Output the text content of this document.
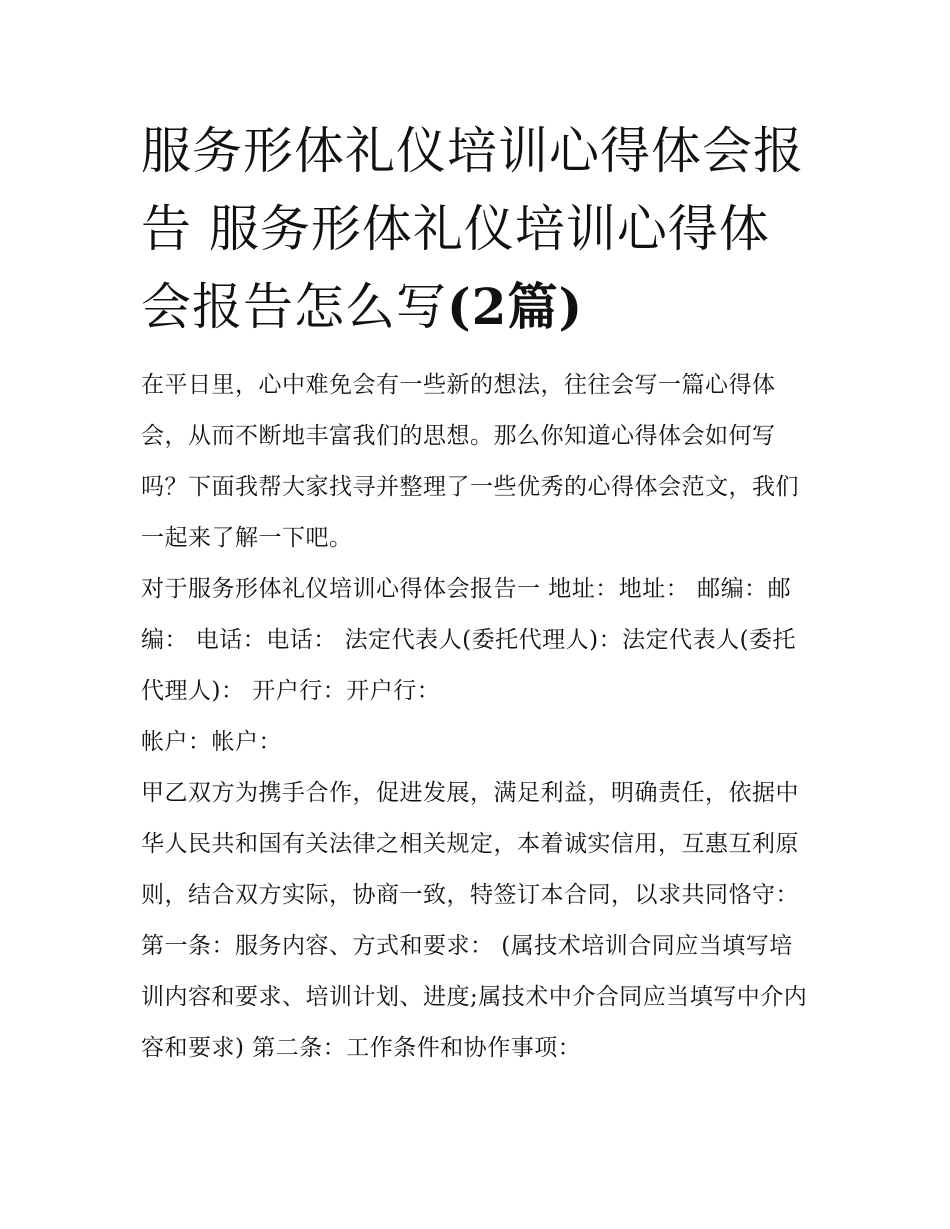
服务形体礼仪培训心得体会报告 服务形体礼仪培训心得体会报告怎么写(2篇)

在平日里，心中难免会有一些新的想法，往往会写一篇心得体会，从而不断地丰富我们的思想。那么你知道心得体会如何写吗？下面我帮大家找寻并整理了一些优秀的心得体会范文，我们一起来了解一下吧。

对于服务形体礼仪培训心得体会报告一 地址：地址： 邮编：邮编： 电话：电话： 法定代表人(委托代理人)：法定代表人(委托代理人)： 开户行：开户行：

帐户：帐户：

甲乙双方为携手合作，促进发展，满足利益，明确责任，依据中华人民共和国有关法律之相关规定，本着诚实信用，互惠互利原则，结合双方实际，协商一致，特签订本合同，以求共同恪守：

第一条：服务内容、方式和要求： (属技术培训合同应当填写培训内容和要求、培训计划、进度;属技术中介合同应当填写中介内容和要求) 第二条：工作条件和协作事项：
